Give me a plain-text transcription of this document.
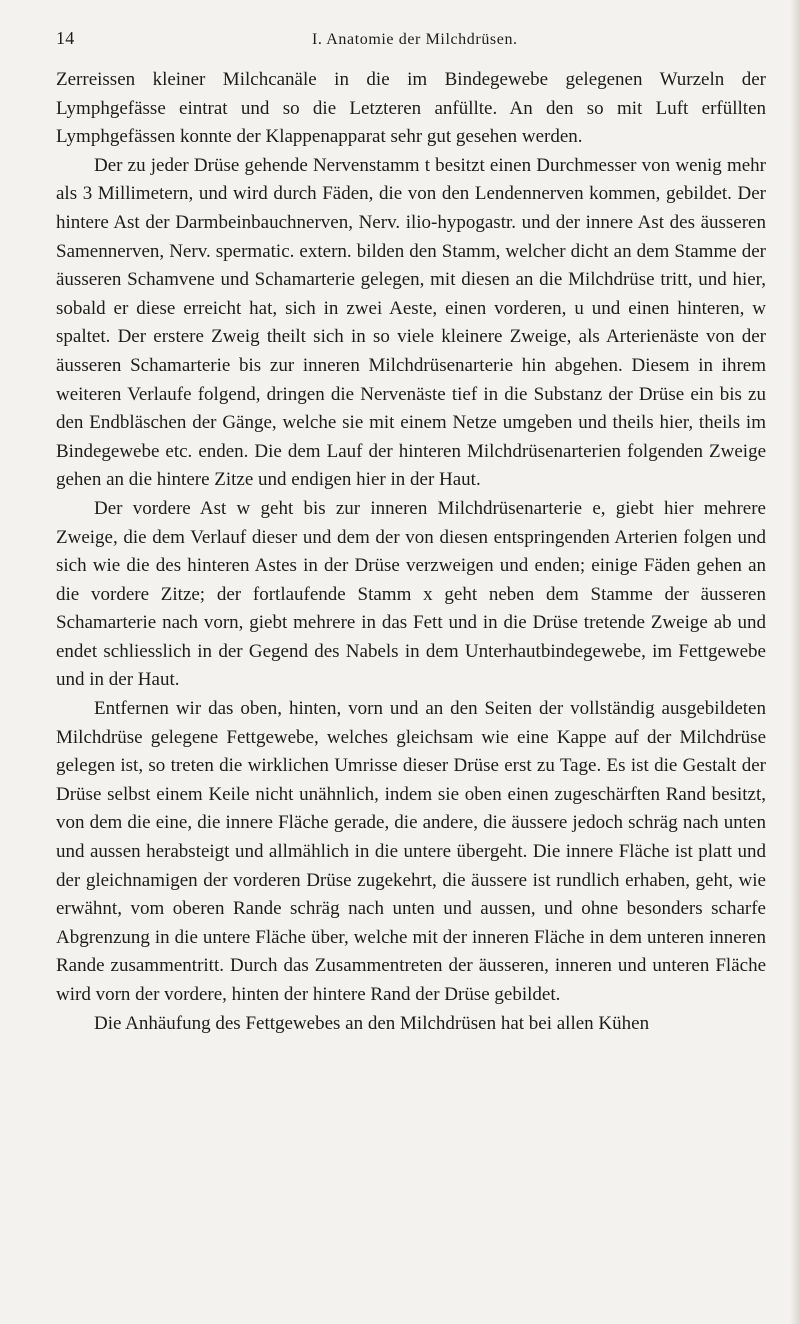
14	I. Anatomie der Milchdrüsen.

Zerreissen kleiner Milchcanäle in die im Bindegewebe gelegenen Wurzeln der Lymphgefässe eintrat und so die Letzteren anfüllte. An den so mit Luft erfüllten Lymphgefässen konnte der Klappenapparat sehr gut gesehen werden.

Der zu jeder Drüse gehende Nervenstamm t besitzt einen Durchmesser von wenig mehr als 3 Millimetern, und wird durch Fäden, die von den Lendennerven kommen, gebildet. Der hintere Ast der Darmbeinbauchnerven, Nerv. ilio-hypogastr. und der innere Ast des äusseren Samennerven, Nerv. spermatic. extern. bilden den Stamm, welcher dicht an dem Stamme der äusseren Schamvene und Schamarterie gelegen, mit diesen an die Milchdrüse tritt, und hier, sobald er diese erreicht hat, sich in zwei Aeste, einen vorderen, u und einen hinteren, w spaltet. Der erstere Zweig theilt sich in so viele kleinere Zweige, als Arterienäste von der äusseren Schamarterie bis zur inneren Milchdrüsenarterie hin abgehen. Diesem in ihrem weiteren Verlaufe folgend, dringen die Nervenäste tief in die Substanz der Drüse ein bis zu den Endbläschen der Gänge, welche sie mit einem Netze umgeben und theils hier, theils im Bindegewebe etc. enden. Die dem Lauf der hinteren Milchdrüsenarterien folgenden Zweige gehen an die hintere Zitze und endigen hier in der Haut.

Der vordere Ast w geht bis zur inneren Milchdrüsenarterie e, giebt hier mehrere Zweige, die dem Verlauf dieser und dem der von diesen entspringenden Arterien folgen und sich wie die des hinteren Astes in der Drüse verzweigen und enden; einige Fäden gehen an die vordere Zitze; der fortlaufende Stamm x geht neben dem Stamme der äusseren Schamarterie nach vorn, giebt mehrere in das Fett und in die Drüse tretende Zweige ab und endet schliesslich in der Gegend des Nabels in dem Unterhautbindegewebe, im Fettgewebe und in der Haut.

Entfernen wir das oben, hinten, vorn und an den Seiten der vollständig ausgebildeten Milchdrüse gelegene Fettgewebe, welches gleichsam wie eine Kappe auf der Milchdrüse gelegen ist, so treten die wirklichen Umrisse dieser Drüse erst zu Tage. Es ist die Gestalt der Drüse selbst einem Keile nicht unähnlich, indem sie oben einen zugeschärften Rand besitzt, von dem die eine, die innere Fläche gerade, die andere, die äussere jedoch schräg nach unten und aussen herabsteigt und allmählich in die untere übergeht. Die innere Fläche ist platt und der gleichnamigen der vorderen Drüse zugekehrt, die äussere ist rundlich erhaben, geht, wie erwähnt, vom oberen Rande schräg nach unten und aussen, und ohne besonders scharfe Abgrenzung in die untere Fläche über, welche mit der inneren Fläche in dem unteren inneren Rande zusammentritt. Durch das Zusammentreten der äusseren, inneren und unteren Fläche wird vorn der vordere, hinten der hintere Rand der Drüse gebildet.

Die Anhäufung des Fettgewebes an den Milchdrüsen hat bei allen Kühen
